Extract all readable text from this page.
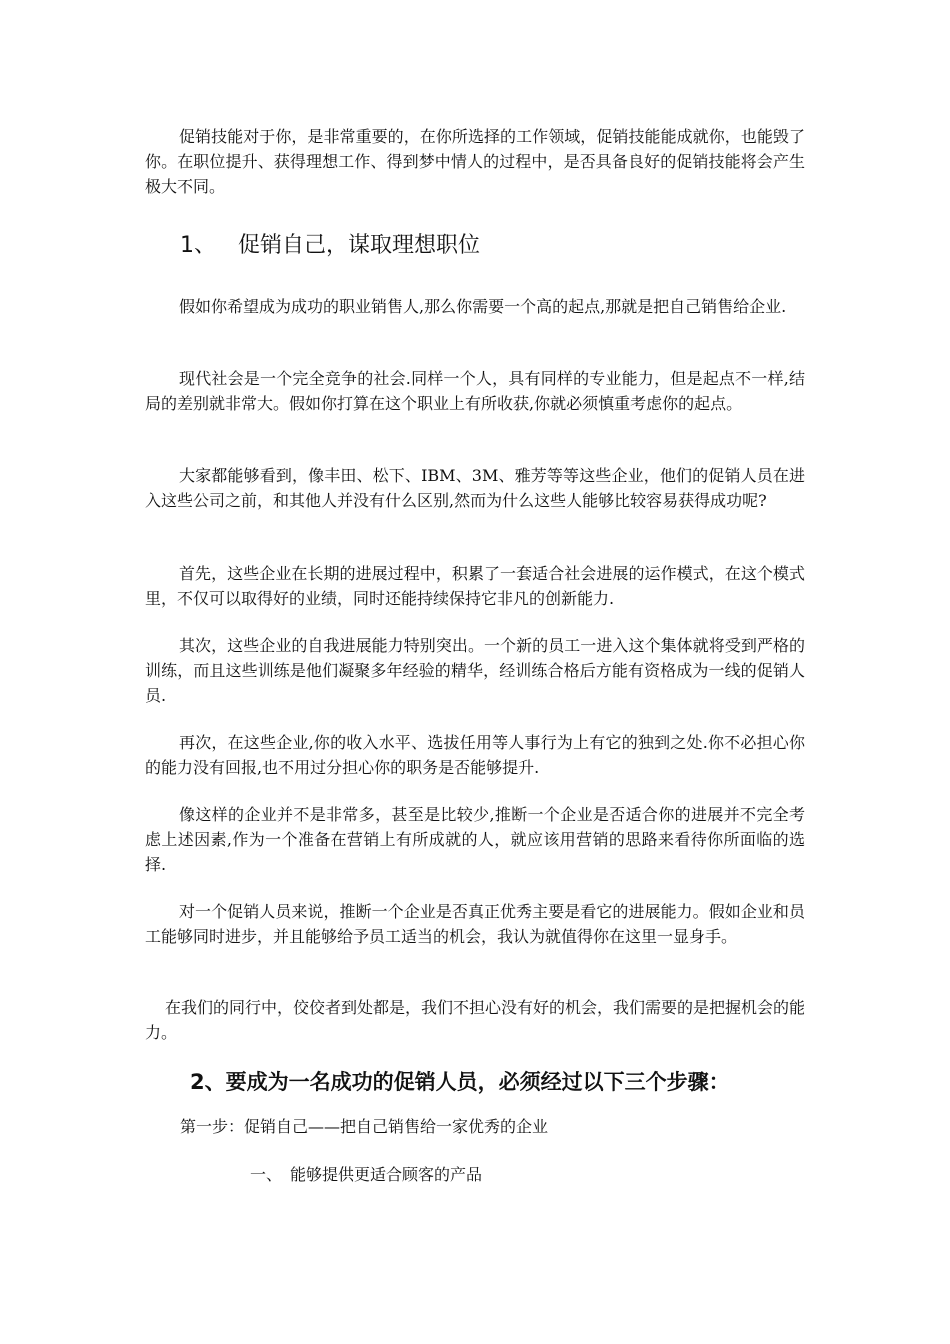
促销技能对于你，是非常重要的，在你所选择的工作领域，促销技能能成就你，也能毁了你。在职位提升、获得理想工作、得到梦中情人的过程中，是否具备良好的促销技能将会产生极大不同。

1、 促销自己，谋取理想职位

假如你希望成为成功的职业销售人,那么你需要一个高的起点,那就是把自己销售给企业.

现代社会是一个完全竞争的社会.同样一个人，具有同样的专业能力，但是起点不一样,结局的差别就非常大。假如你打算在这个职业上有所收获,你就必须慎重考虑你的起点。

大家都能够看到，像丰田、松下、IBM、3M、雅芳等等这些企业，他们的促销人员在进入这些公司之前，和其他人并没有什么区别,然而为什么这些人能够比较容易获得成功呢?

首先，这些企业在长期的进展过程中，积累了一套适合社会进展的运作模式，在这个模式里，不仅可以取得好的业绩，同时还能持续保持它非凡的创新能力.

其次，这些企业的自我进展能力特别突出。一个新的员工一进入这个集体就将受到严格的训练，而且这些训练是他们凝聚多年经验的精华，经训练合格后方能有资格成为一线的促销人员.

再次，在这些企业,你的收入水平、选拔任用等人事行为上有它的独到之处.你不必担心你的能力没有回报,也不用过分担心你的职务是否能够提升.

像这样的企业并不是非常多，甚至是比较少,推断一个企业是否适合你的进展并不完全考虑上述因素,作为一个准备在营销上有所成就的人，就应该用营销的思路来看待你所面临的选择.

对一个促销人员来说，推断一个企业是否真正优秀主要是看它的进展能力。假如企业和员工能够同时进步，并且能够给予员工适当的机会，我认为就值得你在这里一显身手。

在我们的同行中，佼佼者到处都是，我们不担心没有好的机会，我们需要的是把握机会的能力。

2、要成为一名成功的促销人员，必须经过以下三个步骤：
第一步：促销自己——把自己销售给一家优秀的企业
一、 能够提供更适合顾客的产品
